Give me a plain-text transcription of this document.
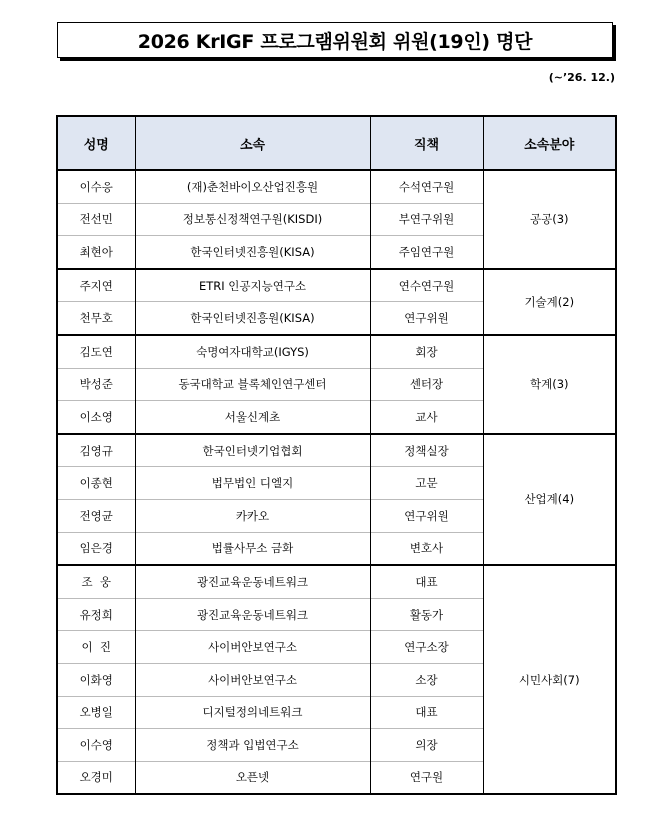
2026 KrIGF 프로그램위원회 위원(19인) 명단
(~’26. 12.)
성명	소속	직책	소속분야
이수응	(재)춘천바이오산업진흥원	수석연구원	공공(3)
전선민	정보통신정책연구원(KISDI)	부연구위원	
최현아	한국인터넷진흥원(KISA)	주임연구원	
주지연	ETRI 인공지능연구소	연수연구원	기술계(2)
천무호	한국인터넷진흥원(KISA)	연구위원	
김도연	숙명여자대학교(IGYS)	회장	학계(3)
박성준	동국대학교 블록체인연구센터	센터장	
이소영	서울신계초	교사	
김영규	한국인터넷기업협회	정책실장	산업계(4)
이종현	법무법인 디엘지	고문	
전영균	카카오	연구위원	
임은경	법률사무소 금화	변호사	
조  웅	광진교육운동네트워크	대표	시민사회(7)
유정희	광진교육운동네트워크	활동가	
이  진	사이버안보연구소	연구소장	
이화영	사이버안보연구소	소장	
오병일	디지털정의네트워크	대표	
이수영	정책과 입법연구소	의장	
오경미	오픈넷	연구원	
